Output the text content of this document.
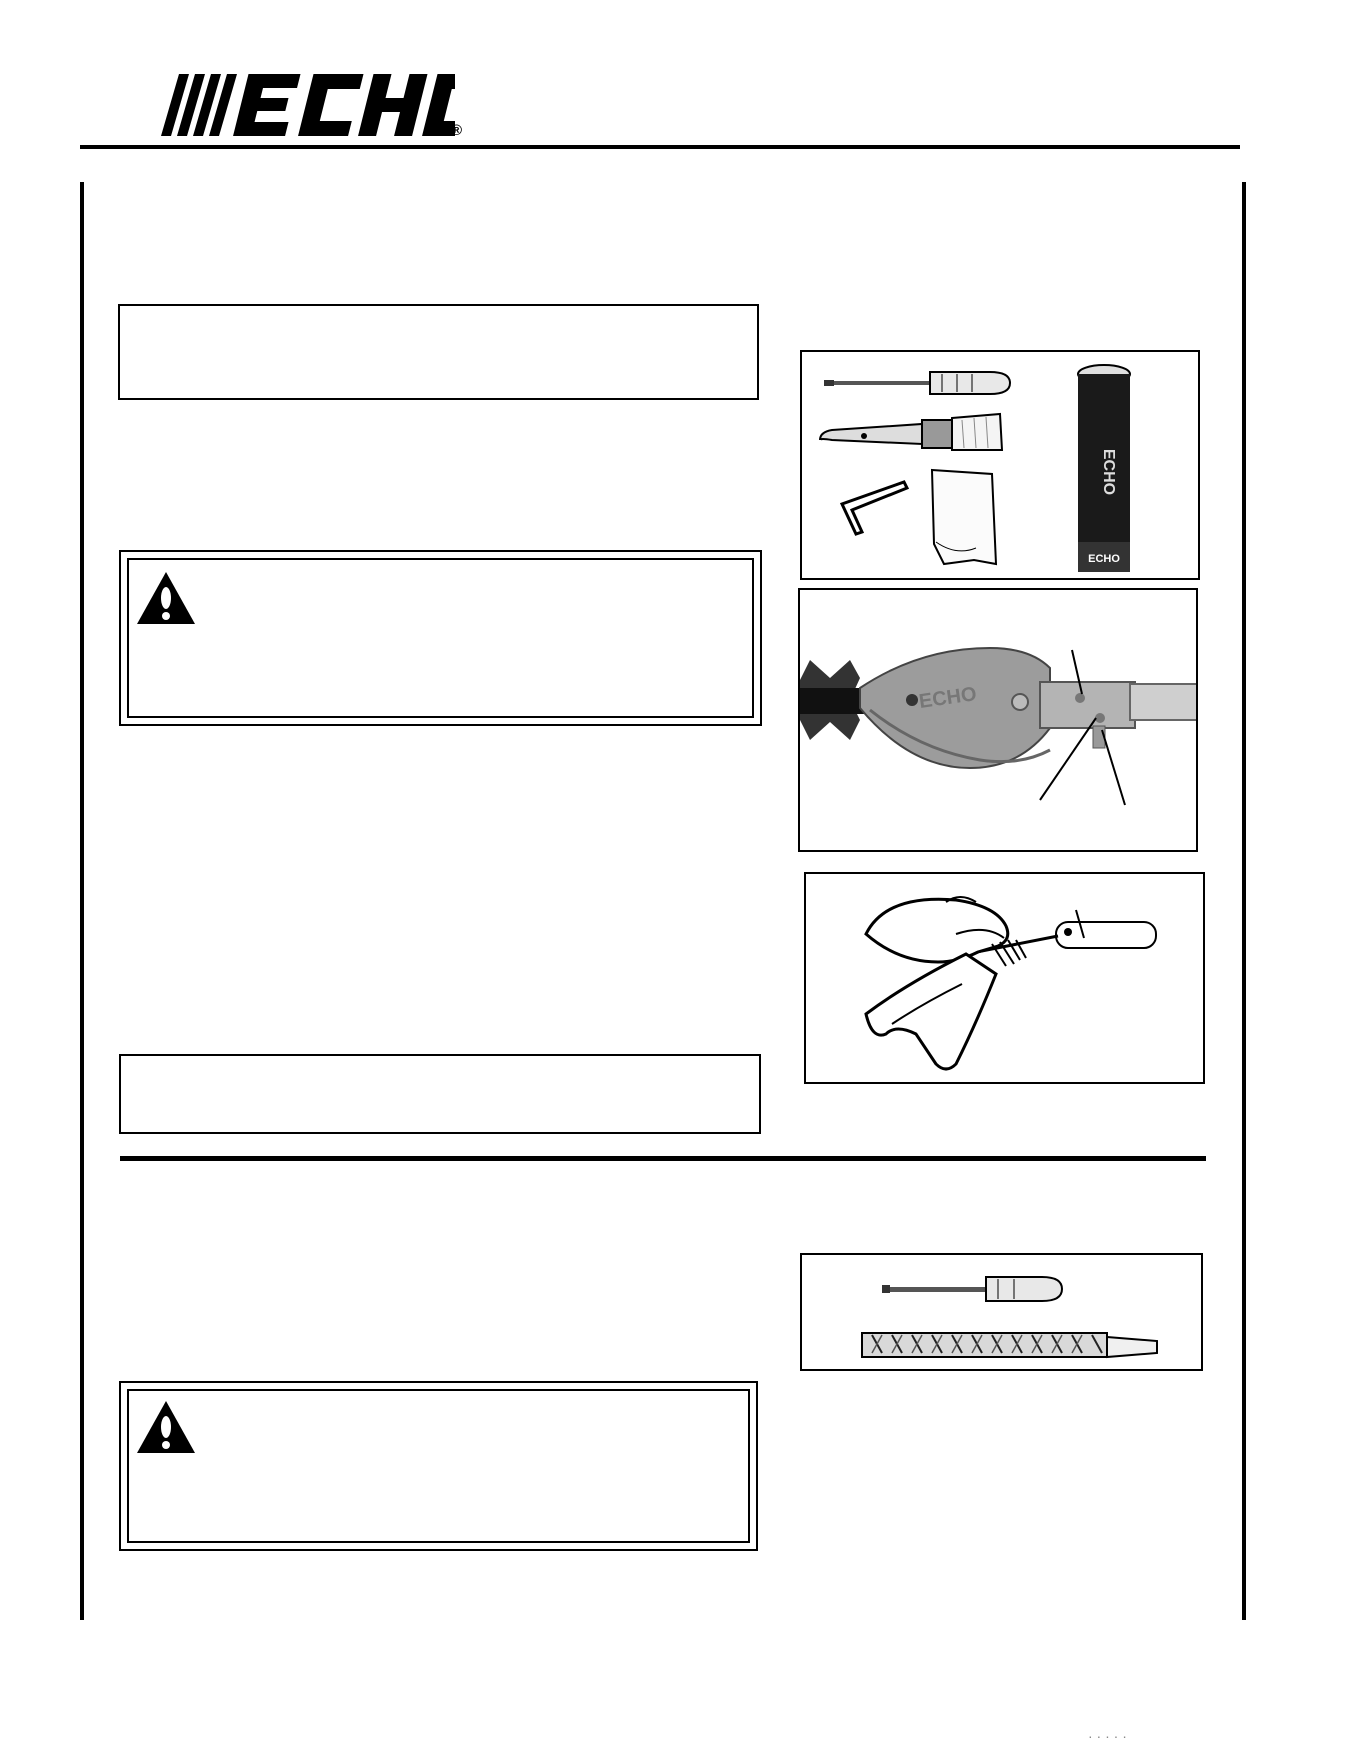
®
ECHO
ECHO
ECHO
· · · · ·
